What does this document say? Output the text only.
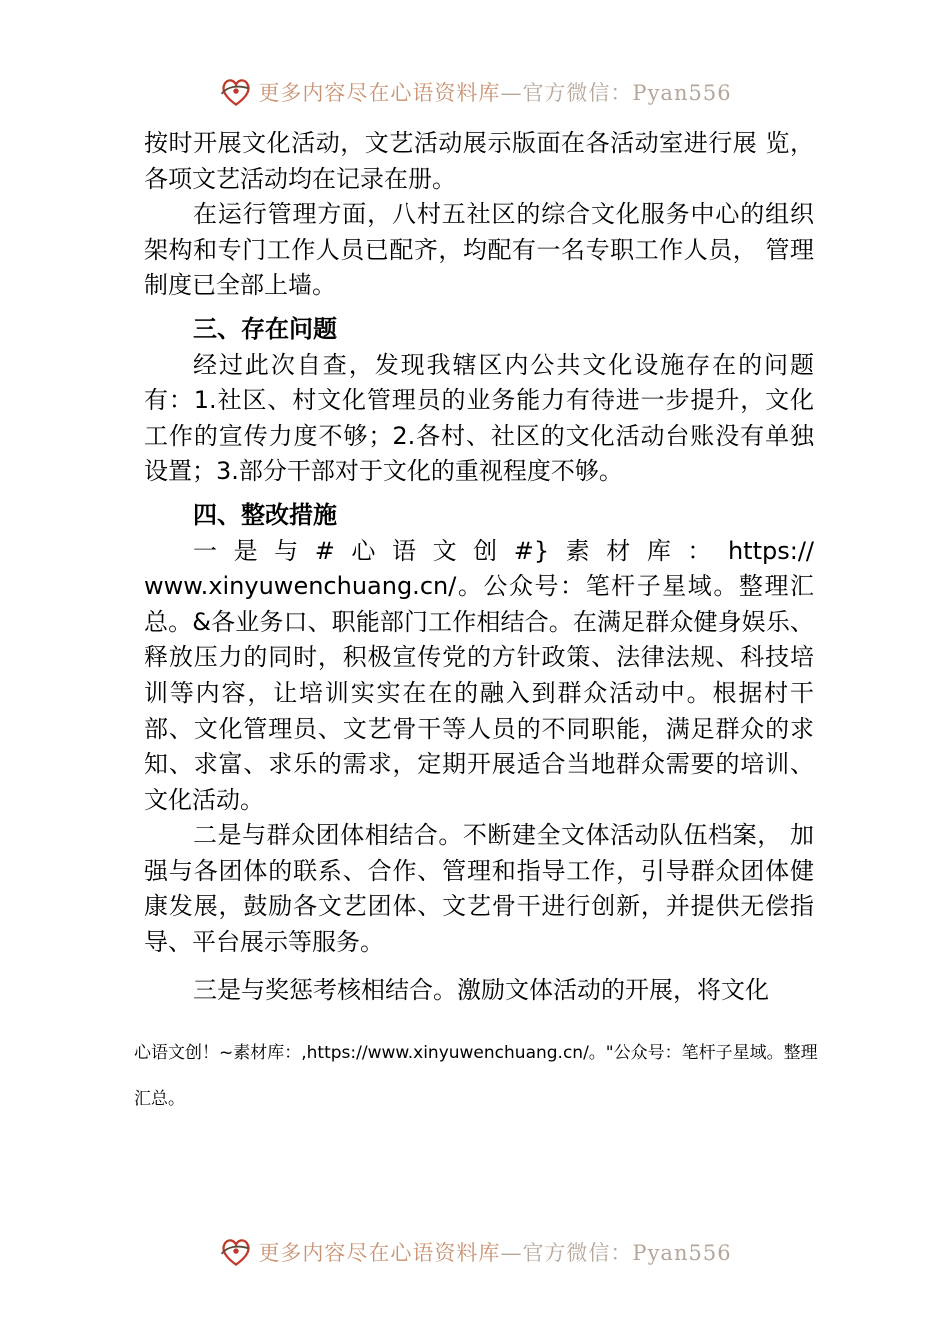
更多内容尽在心语资料库—官方微信：Pyan556

按时开展文化活动，文艺活动展示版面在各活动室进行展 览，各项文艺活动均在记录在册。

在运行管理方面，八村五社区的综合文化服务中心的组织架构和专门工作人员已配齐，均配有一名专职工作人员， 管理制度已全部上墙。

三、存在问题

经过此次自查，发现我辖区内公共文化设施存在的问题有：1.社区、村文化管理员的业务能力有待进一步提升，文化工作的宣传力度不够；2.各村、社区的文化活动台账没有单独设置；3.部分干部对于文化的重视程度不够。

四、整改措施

一是与#心语文创#}素材库：https:// www.xinyuwenchuang.cn/。公众号：笔杆子星域。整理汇总。&各业务口、职能部门工作相结合。在满足群众健身娱乐、释放压力的同时，积极宣传党的方针政策、法律法规、科技培训等内容，让培训实实在在的融入到群众活动中。根据村干部、文化管理员、文艺骨干等人员的不同职能，满足群众的求知、求富、求乐的需求，定期开展适合当地群众需要的培训、文化活动。

二是与群众团体相结合。不断建全文体活动队伍档案， 加强与各团体的联系、合作、管理和指导工作，引导群众团体健康发展，鼓励各文艺团体、文艺骨干进行创新，并提供无偿指导、平台展示等服务。

三是与奖惩考核相结合。激励文体活动的开展，将文化

心语文创！~素材库：,https://www.xinyuwenchuang.cn/。"公众号：笔杆子星域。整理汇总。

更多内容尽在心语资料库—官方微信：Pyan556
